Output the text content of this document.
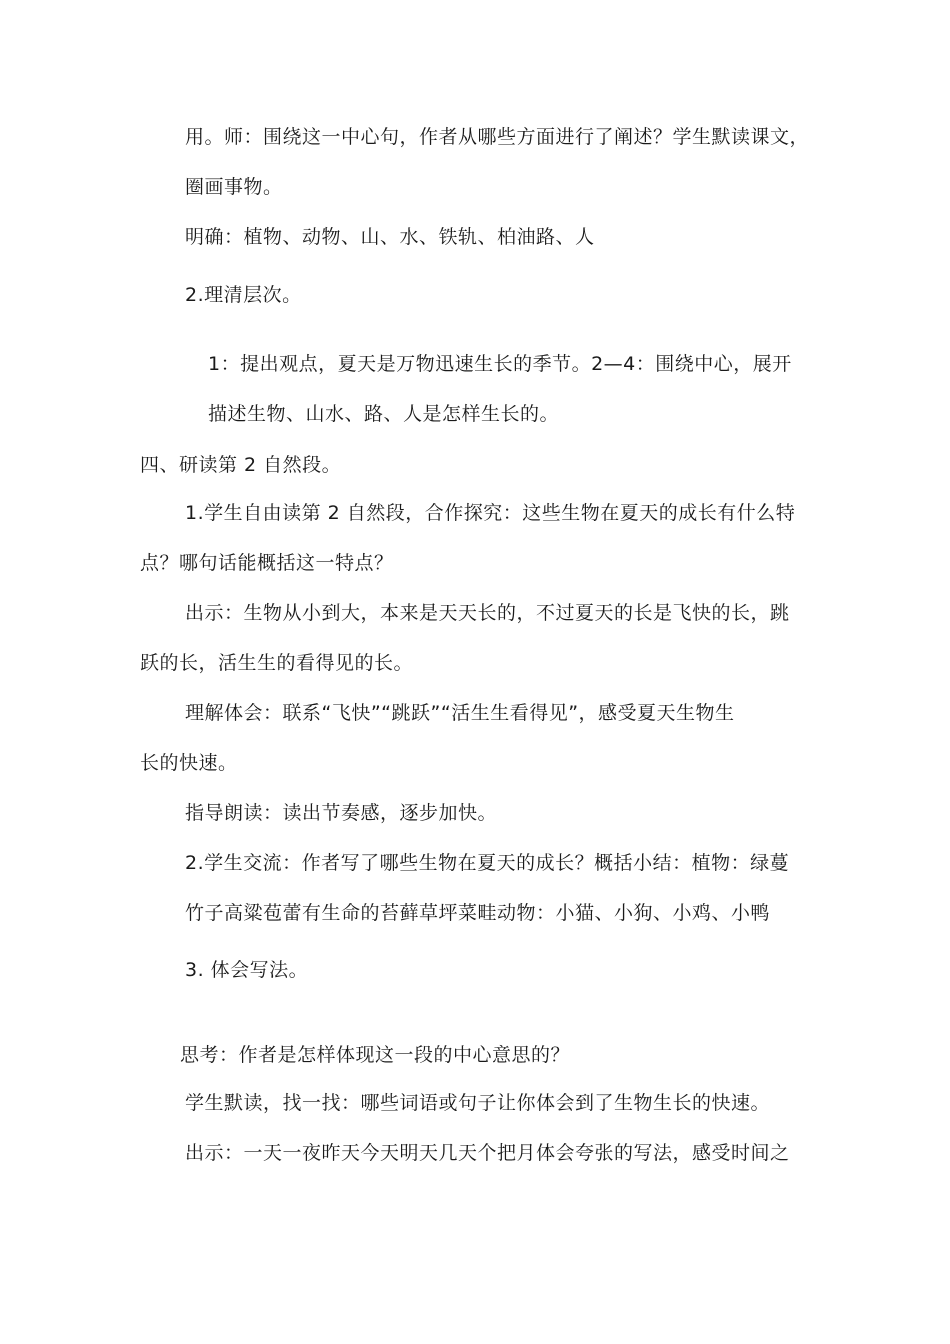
用。师：围绕这一中心句，作者从哪些方面进行了阐述？学生默读课文，
圈画事物。
明确：植物、动物、山、水、铁轨、柏油路、人
2.理清层次。
1：提出观点，夏天是万物迅速生长的季节。2—4：围绕中心，展开
描述生物、山水、路、人是怎样生长的。
四、研读第 2 自然段。
1.学生自由读第 2 自然段，合作探究：这些生物在夏天的成长有什么特
点？哪句话能概括这一特点？
出示：生物从小到大，本来是天天长的，不过夏天的长是飞快的长，跳
跃的长，活生生的看得见的长。
理解体会：联系“飞快”“跳跃”“活生生看得见”，感受夏天生物生
长的快速。
指导朗读：读出节奏感，逐步加快。
2.学生交流：作者写了哪些生物在夏天的成长？概括小结：植物：绿蔓
竹子高粱苞蕾有生命的苔藓草坪菜畦动物：小猫、小狗、小鸡、小鸭
3. 体会写法。
思考：作者是怎样体现这一段的中心意思的？
学生默读，找一找：哪些词语或句子让你体会到了生物生长的快速。
出示：一天一夜昨天今天明天几天个把月体会夸张的写法，感受时间之
